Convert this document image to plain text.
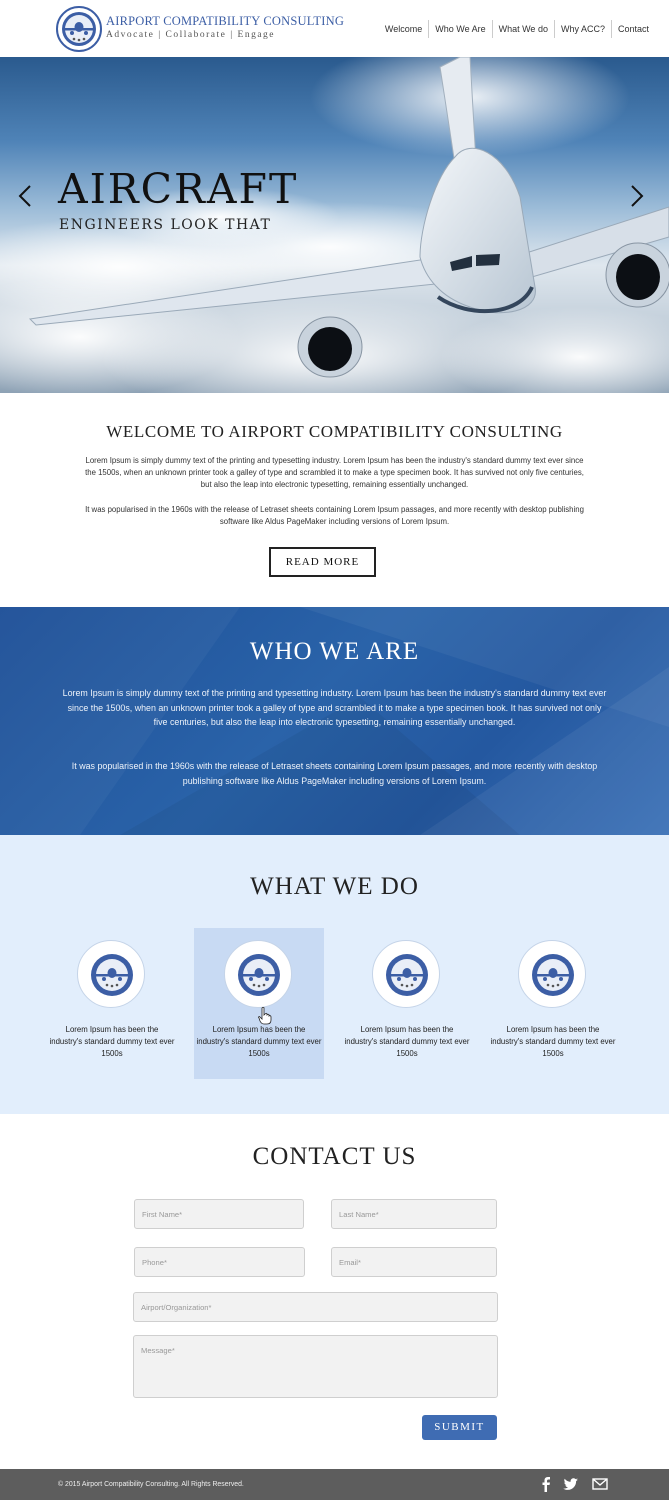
AIRPORT COMPATIBILITY CONSULTING
Advocate | Collaborate | Engage
Welcome	Who We Are	What We do	Why ACC?	Contact
AIRCRAFT
ENGINEERS LOOK THAT
WELCOME TO AIRPORT COMPATIBILITY CONSULTING
Lorem Ipsum is simply dummy text of the printing and typesetting industry. Lorem Ipsum has been the industry's standard dummy text ever since the 1500s, when an unknown printer took a galley of type and scrambled it to make a type specimen book. It has survived not only five centuries, but also the leap into electronic typesetting, remaining essentially unchanged.
It was popularised in the 1960s with the release of Letraset sheets containing Lorem Ipsum passages, and more recently with desktop publishing software like Aldus PageMaker including versions of Lorem Ipsum.
READ MORE
WHO WE ARE
Lorem Ipsum is simply dummy text of the printing and typesetting industry. Lorem Ipsum has been the industry's standard dummy text ever since the 1500s, when an unknown printer took a galley of type and scrambled it to make a type specimen book. It has survived not only five centuries, but also the leap into electronic typesetting, remaining essentially unchanged.
It was popularised in the 1960s with the release of Letraset sheets containing Lorem Ipsum passages, and more recently with desktop publishing software like Aldus PageMaker including versions of Lorem Ipsum.
WHAT WE DO
Lorem Ipsum has been the industry's standard dummy text ever 1500s
Lorem Ipsum has been the industry's standard dummy text ever 1500s
Lorem Ipsum has been the industry's standard dummy text ever 1500s
Lorem Ipsum has been the industry's standard dummy text ever 1500s
CONTACT US
First Name*	Last Name*
Phone*	Email*
Airport/Organization*
Message*
SUBMIT
© 2015 Airport Compatibility Consulting. All Rights Reserved.
